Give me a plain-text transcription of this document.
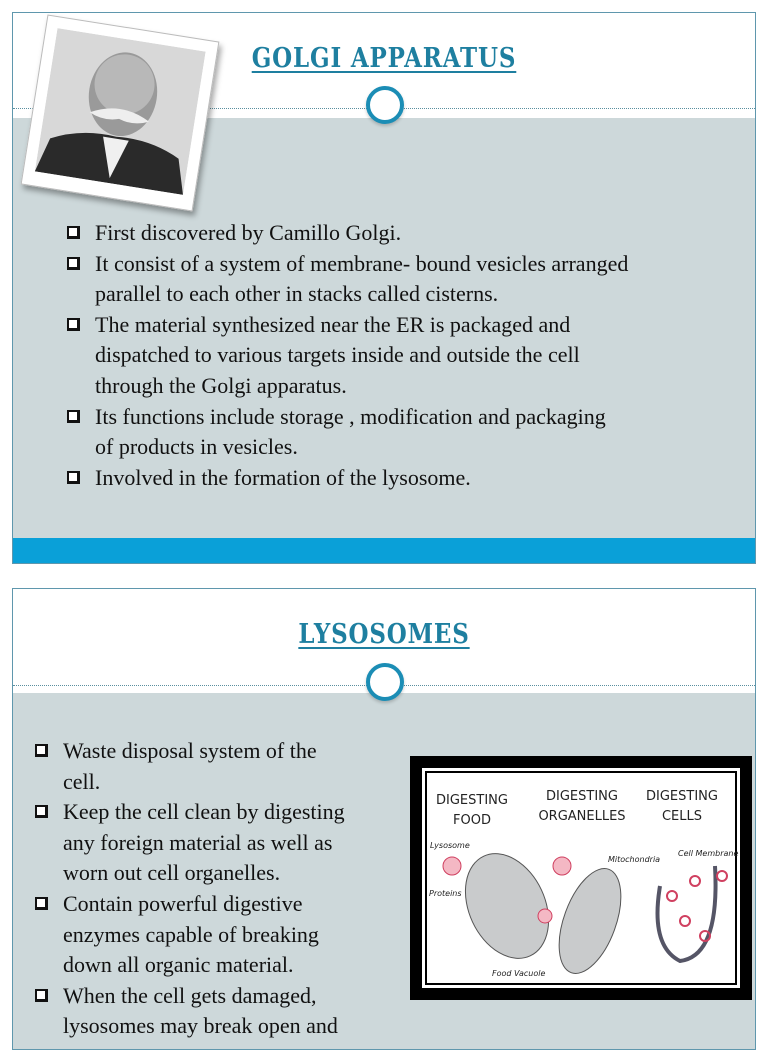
GOLGI APPARATUS
First discovered by Camillo Golgi.
It consist of a system of membrane- bound vesicles arranged
parallel to each other in stacks called cisterns.
The material synthesized near the ER is packaged and
dispatched to various targets inside and outside the cell
through the Golgi apparatus.
Its functions include storage , modification and packaging
of products in vesicles.
Involved in the formation of the lysosome.
LYSOSOMES
Waste disposal system of the
cell.
Keep the cell clean by digesting
any foreign material as well as
worn out cell organelles.
Contain powerful digestive
enzymes capable of breaking
down all organic material.
When the cell gets damaged,
lysosomes may break open and
DIGESTING
FOOD
DIGESTING
ORGANELLES
DIGESTING
CELLS
Lysosome
Proteins
Food Vacuole
Mitochondria
Cell Membrane
